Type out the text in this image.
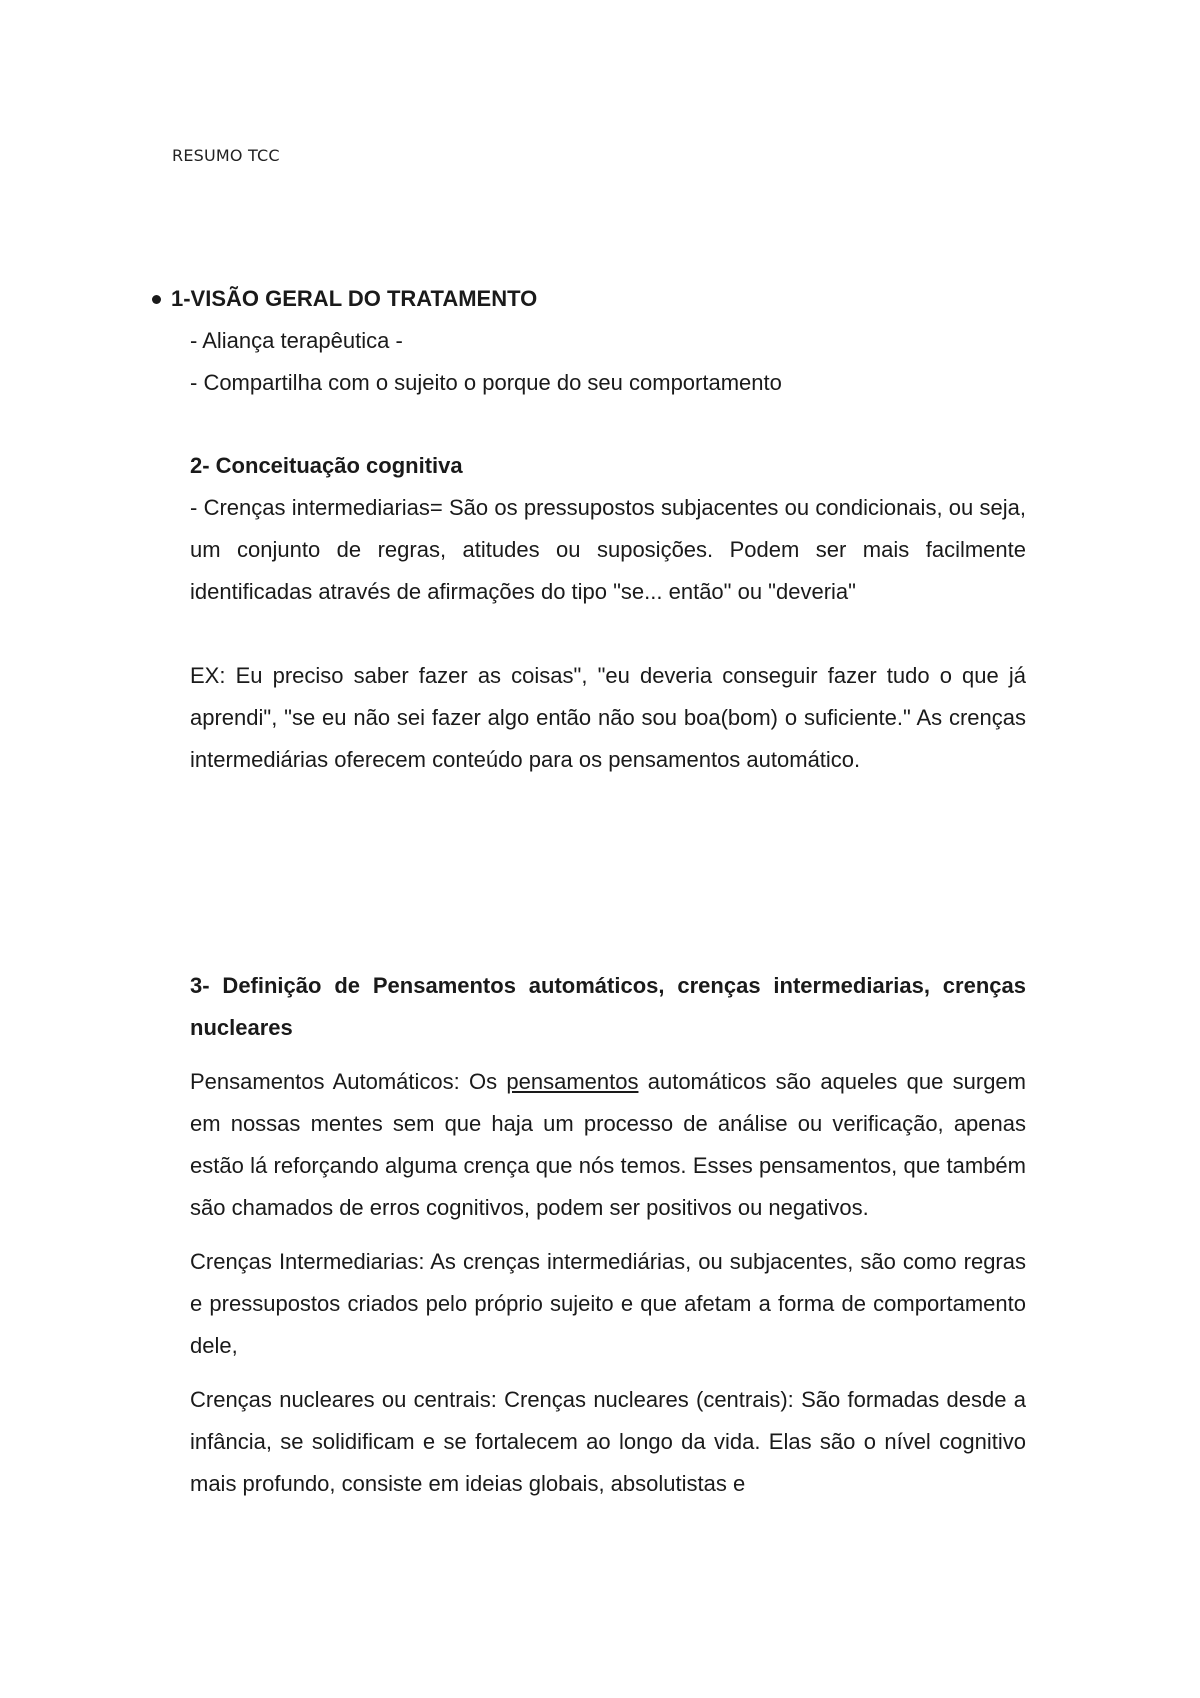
RESUMO TCC
1-VISÃO GERAL DO TRATAMENTO
- Aliança terapêutica -
- Compartilha com o sujeito o porque do seu comportamento
2- Conceituação cognitiva
- Crenças intermediarias= São os pressupostos subjacentes ou condicionais, ou seja, um conjunto de regras, atitudes ou suposições. Podem ser mais facilmente identificadas através de afirmações do tipo "se... então" ou "deveria"
EX: Eu preciso saber fazer as coisas", "eu deveria conseguir fazer tudo o que já aprendi", "se eu não sei fazer algo então não sou boa(bom) o suficiente." As crenças intermediárias oferecem conteúdo para os pensamentos automático.
3- Definição de Pensamentos automáticos, crenças intermediarias, crenças nucleares
Pensamentos Automáticos: Os pensamentos automáticos são aqueles que surgem em nossas mentes sem que haja um processo de análise ou verificação, apenas estão lá reforçando alguma crença que nós temos. Esses pensamentos, que também são chamados de erros cognitivos, podem ser positivos ou negativos.
Crenças Intermediarias: As crenças intermediárias, ou subjacentes, são como regras e pressupostos criados pelo próprio sujeito e que afetam a forma de comportamento dele,
Crenças nucleares ou centrais: Crenças nucleares (centrais): São formadas desde a infância, se solidificam e se fortalecem ao longo da vida. Elas são o nível cognitivo mais profundo, consiste em ideias globais, absolutistas e
